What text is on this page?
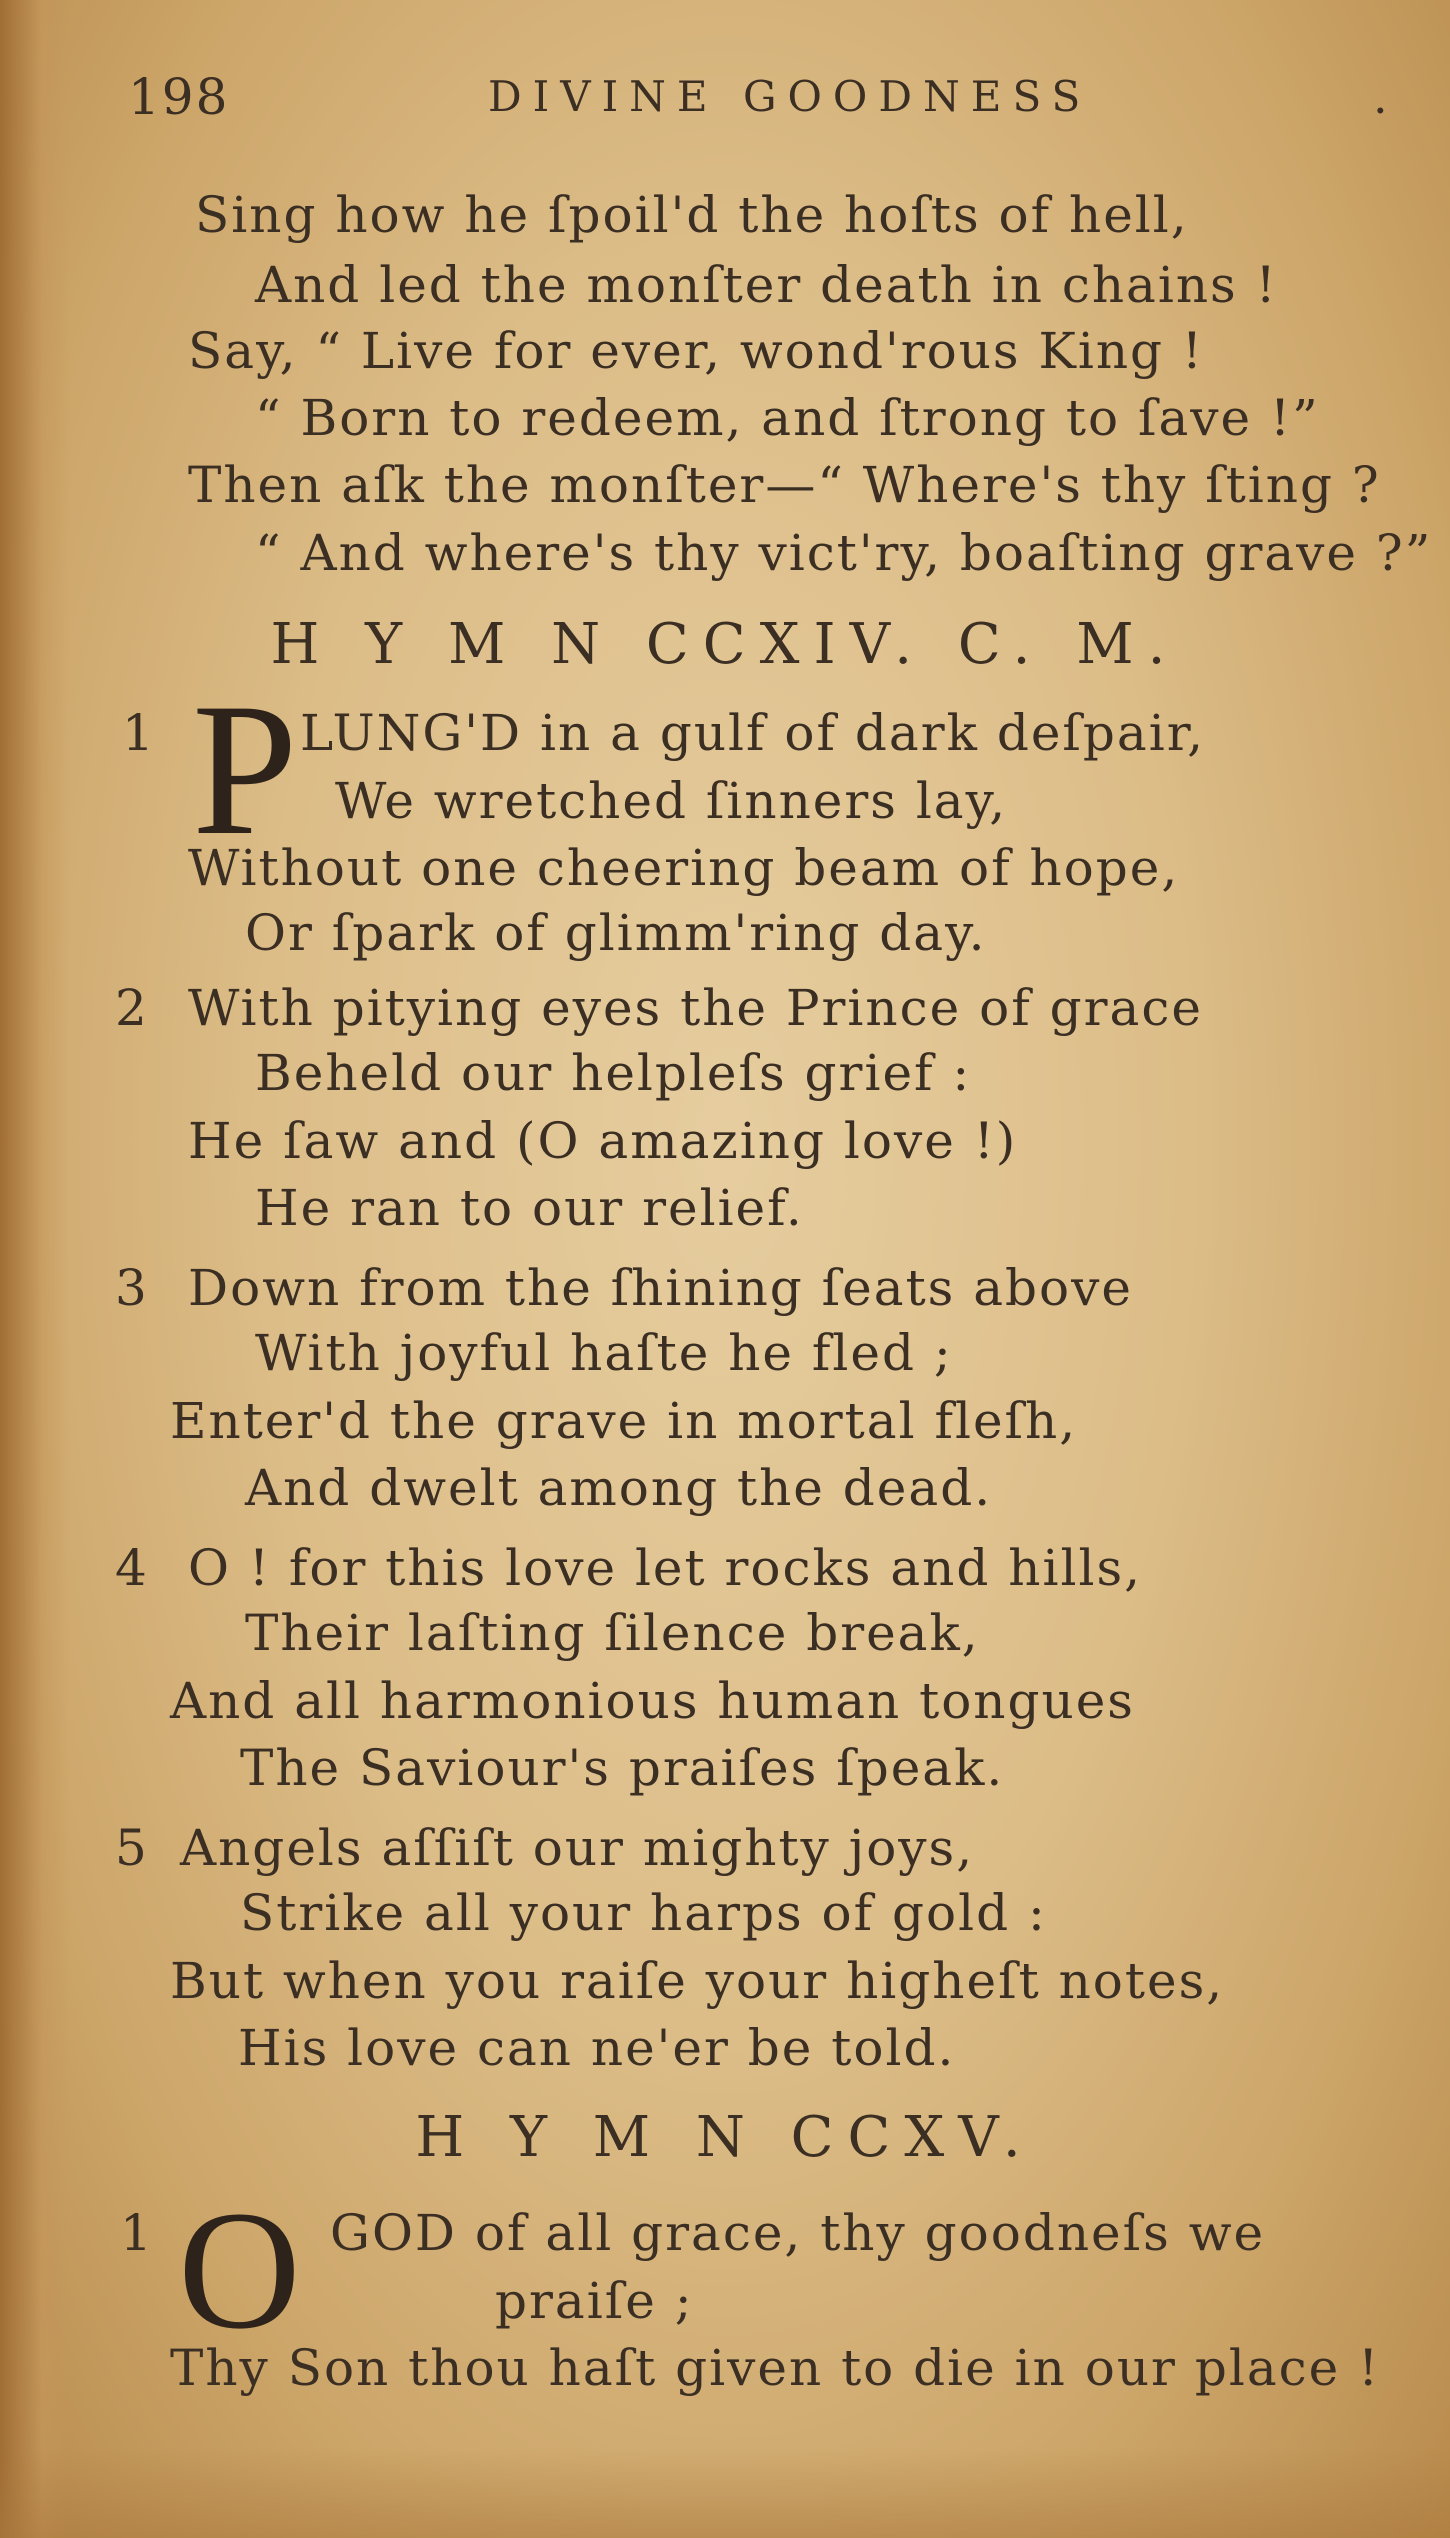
198	DIVINE GOODNESS	.
Sing how he ſpoil'd the hoſts of hell,
And led the monſter death in chains !
Say, “ Live for ever, wond'rous King !
“ Born to redeem, and ſtrong to ſave !”
Then aſk the monſter—“ Where's thy ſting ?
“ And where's thy vict'ry, boaſting grave ?”
H Y M N CCXIV. C. M.
1 P LUNG'D in a gulf of dark deſpair,
We wretched ſinners lay,
Without one cheering beam of hope,
Or ſpark of glimm'ring day.
2 With pitying eyes the Prince of grace
Beheld our helpleſs grief :
He ſaw and (O amazing love !)
He ran to our relief.
3 Down from the ſhining ſeats above
With joyful haſte he fled ;
Enter'd the grave in mortal fleſh,
And dwelt among the dead.
4 O ! for this love let rocks and hills,
Their laſting ſilence break,
And all harmonious human tongues
The Saviour's praiſes ſpeak.
5 Angels aſſiſt our mighty joys,
Strike all your harps of gold :
But when you raiſe your higheſt notes,
His love can ne'er be told.
H Y M N CCXV.
1 O GOD of all grace, thy goodneſs we
praiſe ;
Thy Son thou haſt given to die in our place !
